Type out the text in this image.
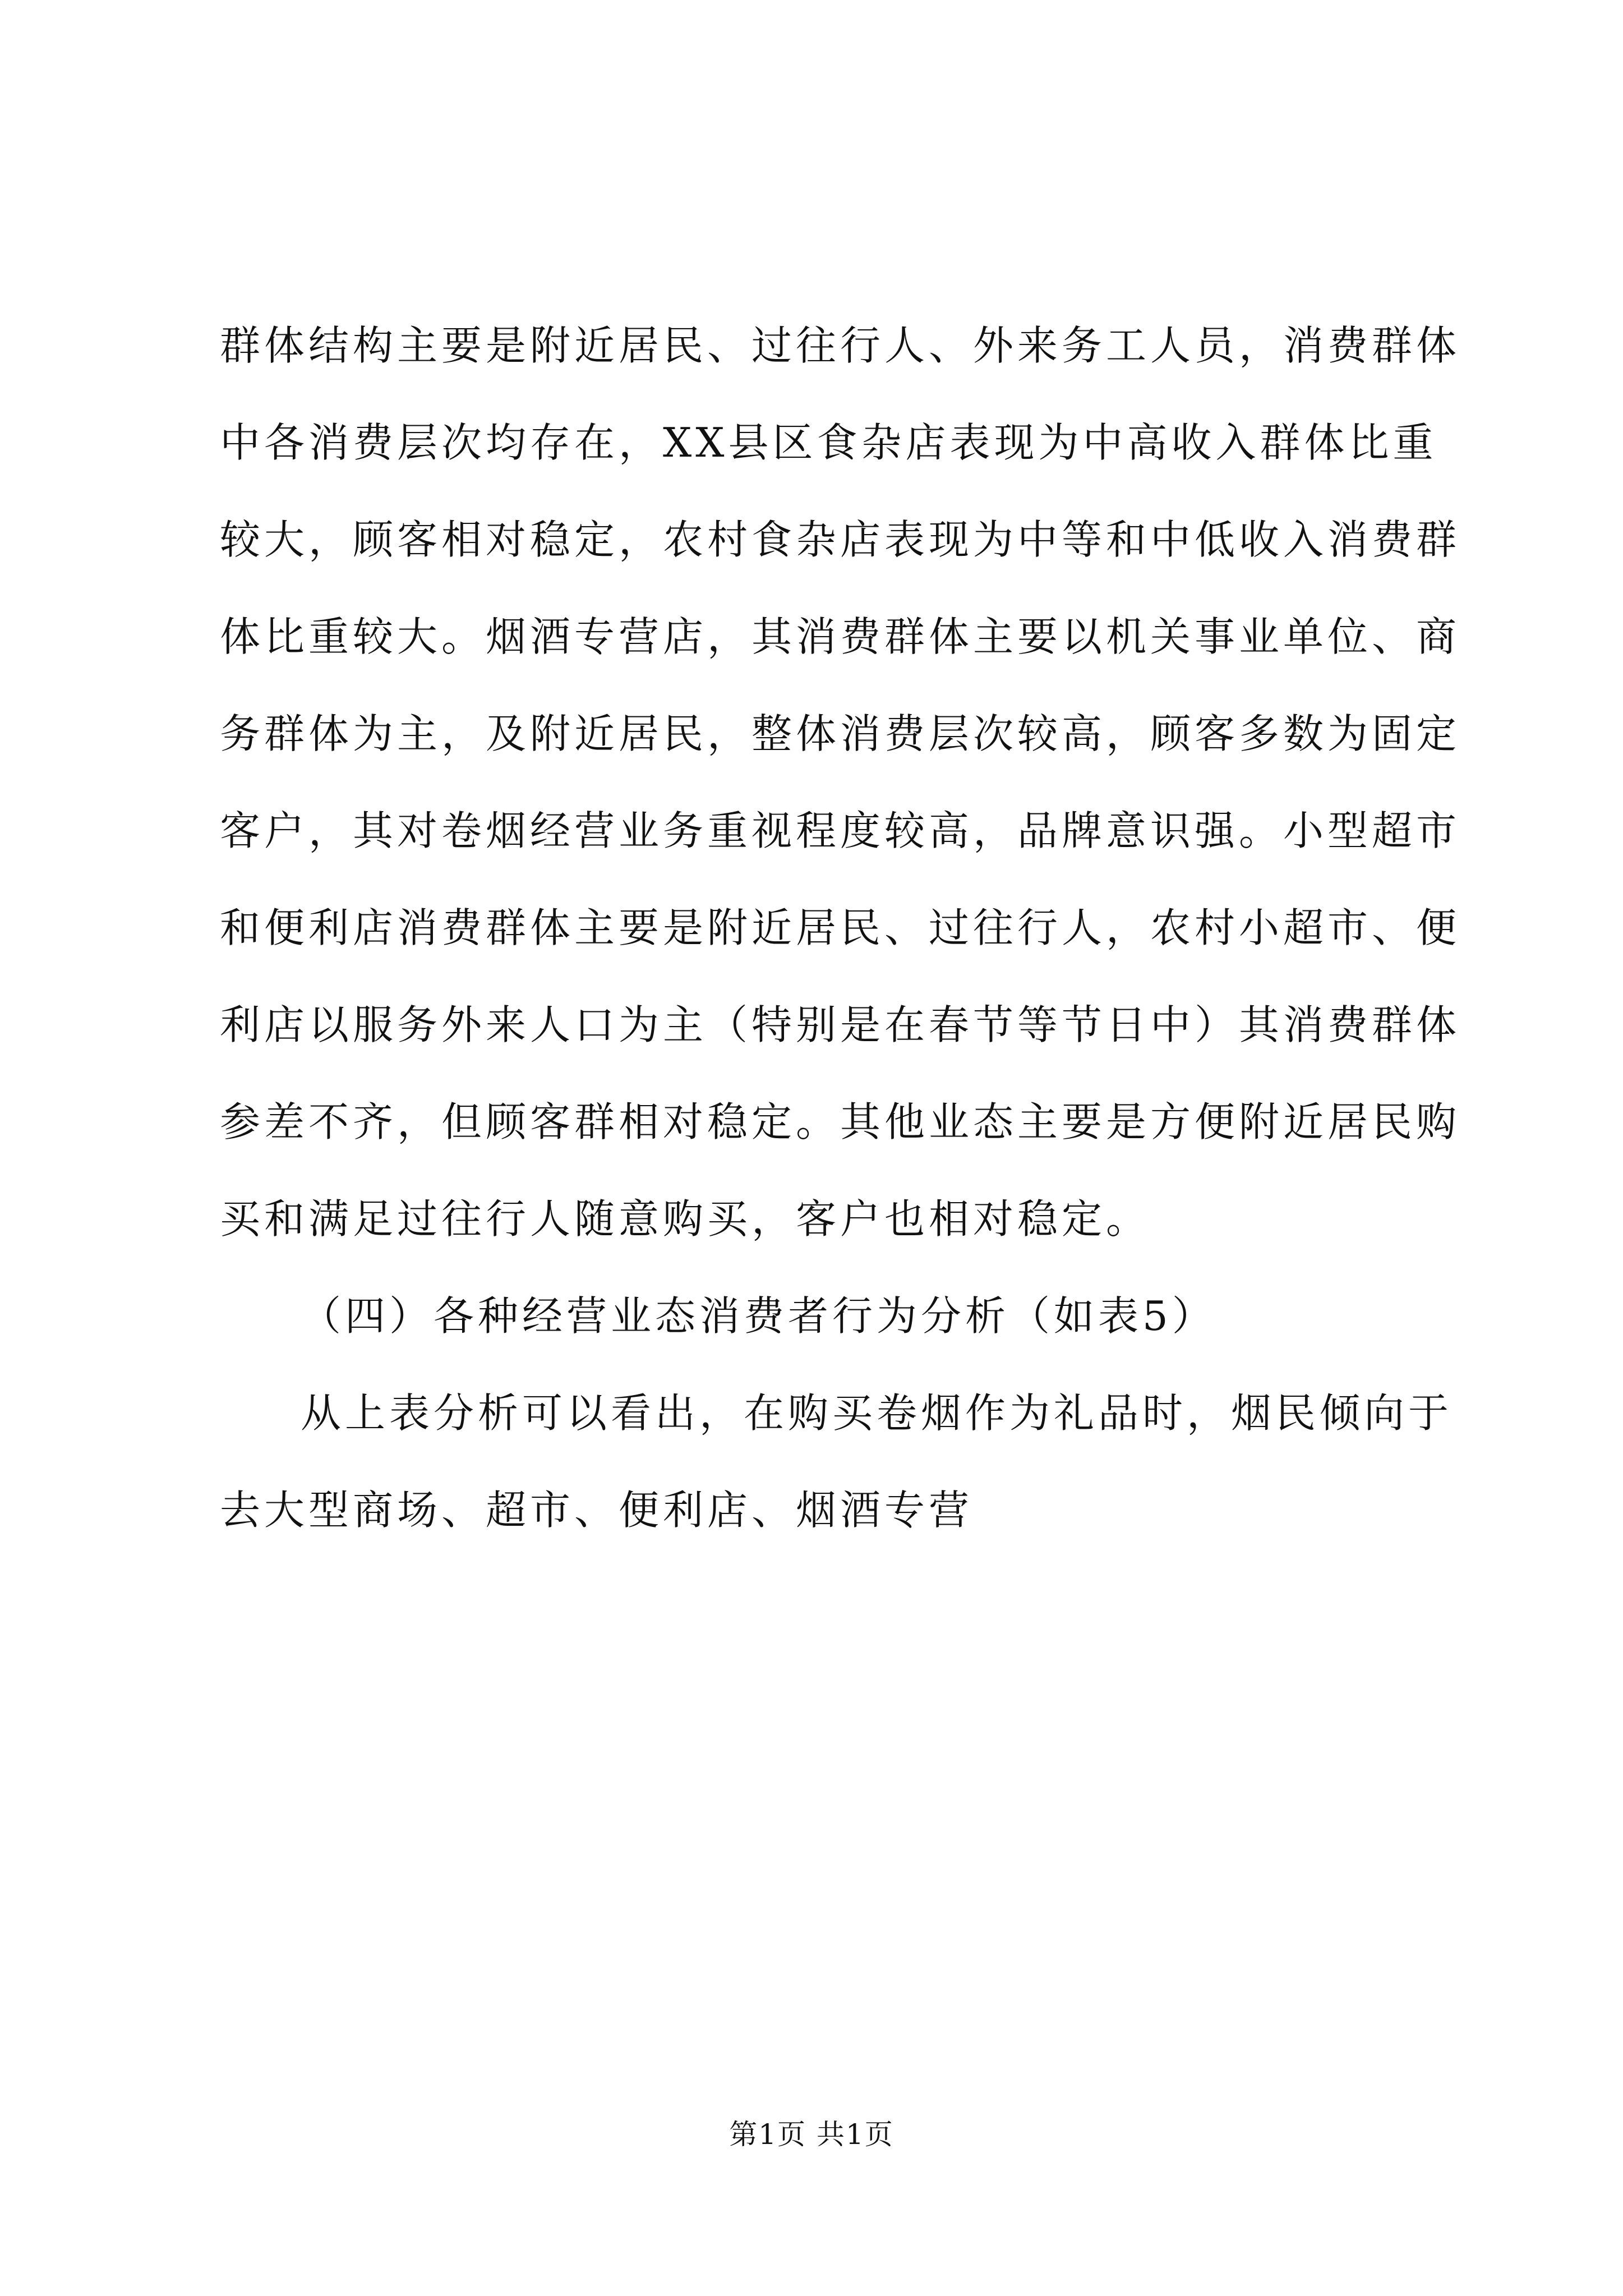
群体结构主要是附近居民、过往行人、外来务工人员，消费群体
中各消费层次均存在，XX县区食杂店表现为中高收入群体比重
较大，顾客相对稳定，农村食杂店表现为中等和中低收入消费群
体比重较大。烟酒专营店，其消费群体主要以机关事业单位、商
务群体为主，及附近居民，整体消费层次较高，顾客多数为固定
客户，其对卷烟经营业务重视程度较高，品牌意识强。小型超市
和便利店消费群体主要是附近居民、过往行人，农村小超市、便
利店以服务外来人口为主（特别是在春节等节日中）其消费群体
参差不齐，但顾客群相对稳定。其他业态主要是方便附近居民购
买和满足过往行人随意购买，客户也相对稳定。
（四）各种经营业态消费者行为分析（如表5）
从上表分析可以看出，在购买卷烟作为礼品时，烟民倾向于
去大型商场、超市、便利店、烟酒专营
第1页 共1页
